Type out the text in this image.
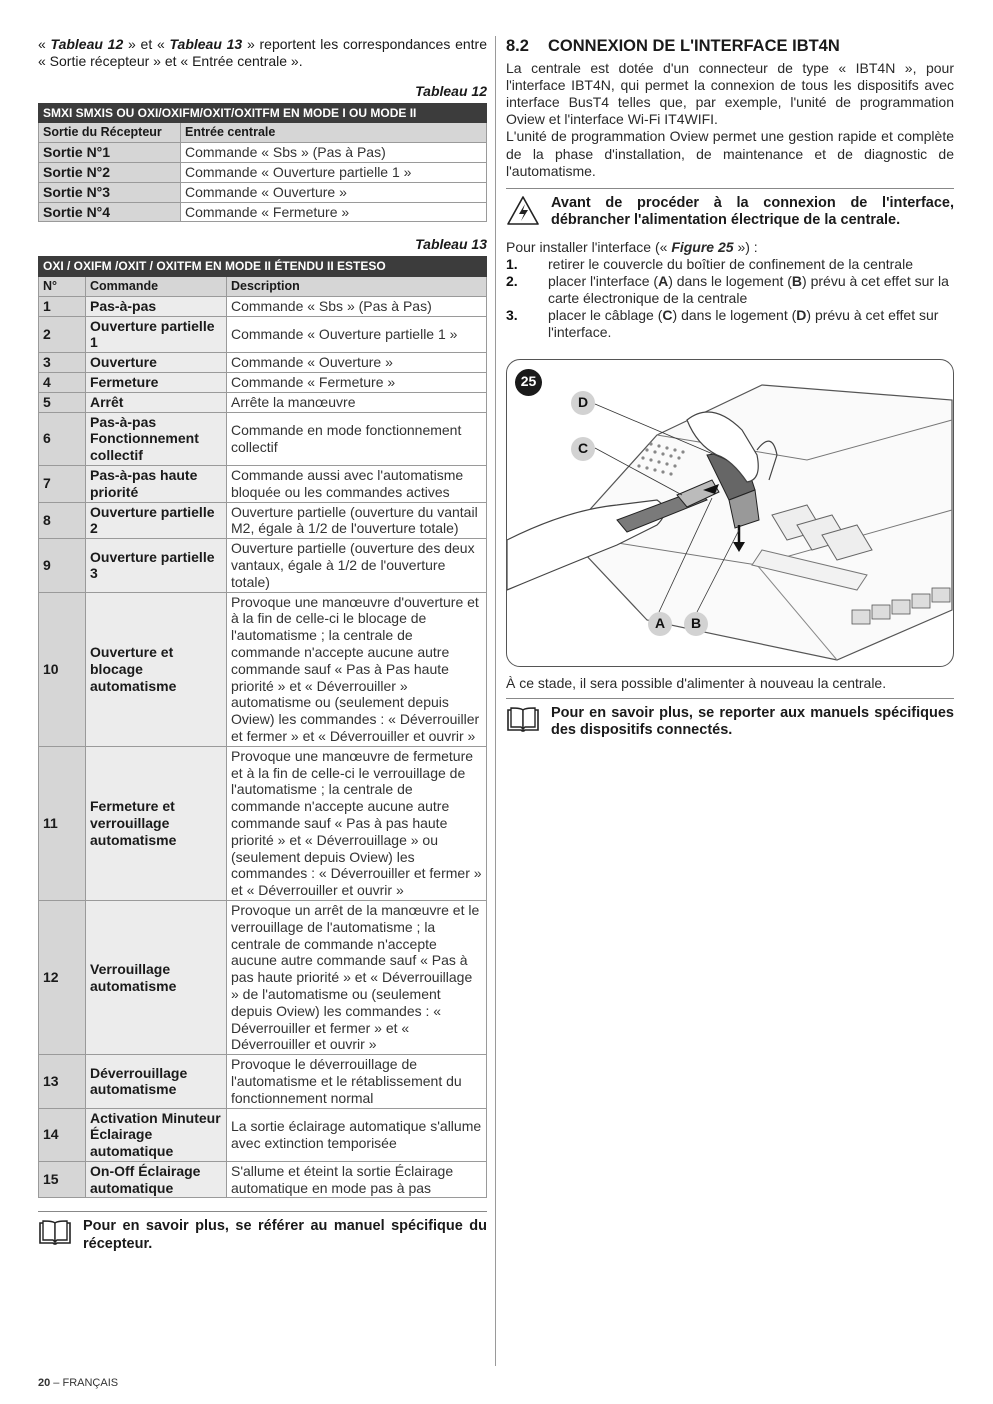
« Tableau 12 » et « Tableau 13 » reportent les correspondances entre « Sortie récepteur » et « Entrée centrale ».

Tableau 12
SMXI SMXIS OU OXI/OXIFM/OXIT/OXITFM EN MODE I OU MODE II	
Sortie du Récepteur	Entrée centrale
Sortie N°1	Commande « Sbs » (Pas à Pas)
Sortie N°2	Commande « Ouverture partielle 1 »
Sortie N°3	Commande « Ouverture »
Sortie N°4	Commande « Fermeture »
Tableau 13
OXI / OXIFM /OXIT / OXITFM EN MODE II ÉTENDU II ESTESO		
N°	Commande	Description
1	Pas-à-pas	Commande « Sbs » (Pas à Pas)
2	Ouverture partielle 1	Commande « Ouverture partielle 1 »
3	Ouverture	Commande « Ouverture »
4	Fermeture	Commande « Fermeture »
5	Arrêt	Arrête la manœuvre
6	Pas-à-pas Fonctionnement collectif	Commande en mode fonctionnement collectif
7	Pas-à-pas haute priorité	Commande aussi avec l'automatisme bloquée ou les commandes actives
8	Ouverture partielle 2	Ouverture partielle (ouverture du vantail M2, égale à 1/2 de l'ouverture totale)
9	Ouverture partielle 3	Ouverture partielle (ouverture des deux vantaux, égale à 1/2 de l'ouverture totale)
10	Ouverture et blocage automatisme	Provoque une manœuvre d'ouverture et à la fin de celle-ci le blocage de l'automatisme ; la centrale de commande n'accepte aucune autre commande sauf « Pas à Pas haute priorité » et « Déverrouiller » automatisme ou (seulement depuis Oview) les commandes : « Déverrouiller et fermer » et « Déverrouiller et ouvrir »
11	Fermeture et verrouillage automatisme	Provoque une manœuvre de fermeture et à la fin de celle-ci le verrouillage de l'automatisme ; la centrale de commande n'accepte aucune autre commande sauf « Pas à pas haute priorité » et « Déverrouillage » ou (seulement depuis Oview) les commandes : « Déverrouiller et fermer » et « Déverrouiller et ouvrir »
12	Verrouillage automatisme	Provoque un arrêt de la manœuvre et le verrouillage de l'automatisme ; la centrale de commande n'accepte aucune autre commande sauf « Pas à pas haute priorité » et « Déverrouillage » de l'automatisme ou (seulement depuis Oview) les commandes : « Déverrouiller et fermer » et « Déverrouiller et ouvrir »
13	Déverrouillage automatisme	Provoque le déverrouillage de l'automatisme et le rétablissement du fonctionnement normal
14	Activation Minuteur Éclairage automatique	La sortie éclairage automatique s'allume avec extinction temporisée
15	On-Off Éclairage automatique	S'allume et éteint la sortie Éclairage automatique en mode pas à pas
Pour en savoir plus, se référer au manuel spécifique du récepteur.
8.2	CONNEXION DE L'INTERFACE IBT4N

La centrale est dotée d'un connecteur de type « IBT4N », pour l'interface IBT4N, qui permet la connexion de tous les dispositifs avec interface BusT4 telles que, par exemple, l'unité de programmation Oview et l'interface Wi-Fi IT4WIFI.

L'unité de programmation Oview permet une gestion rapide et complète de la phase d'installation, de maintenance et de diagnostic de l'automatisme.

Avant de procéder à la connexion de l'interface, débrancher l'alimentation électrique de la centrale.

Pour installer l'interface (« Figure 25 ») :

1.	retirer le couvercle du boîtier de confinement de la centrale
2.	placer l'interface (A) dans le logement (B) prévu à cet effet sur la carte électronique de la centrale
3.	placer le câblage (C) dans le logement (D) prévu à cet effet sur l'interface.
25
D
C
A	B

À ce stade, il sera possible d'alimenter à nouveau la centrale.

Pour en savoir plus, se reporter aux manuels spécifiques des dispositifs connectés.
20 – FRANÇAIS
